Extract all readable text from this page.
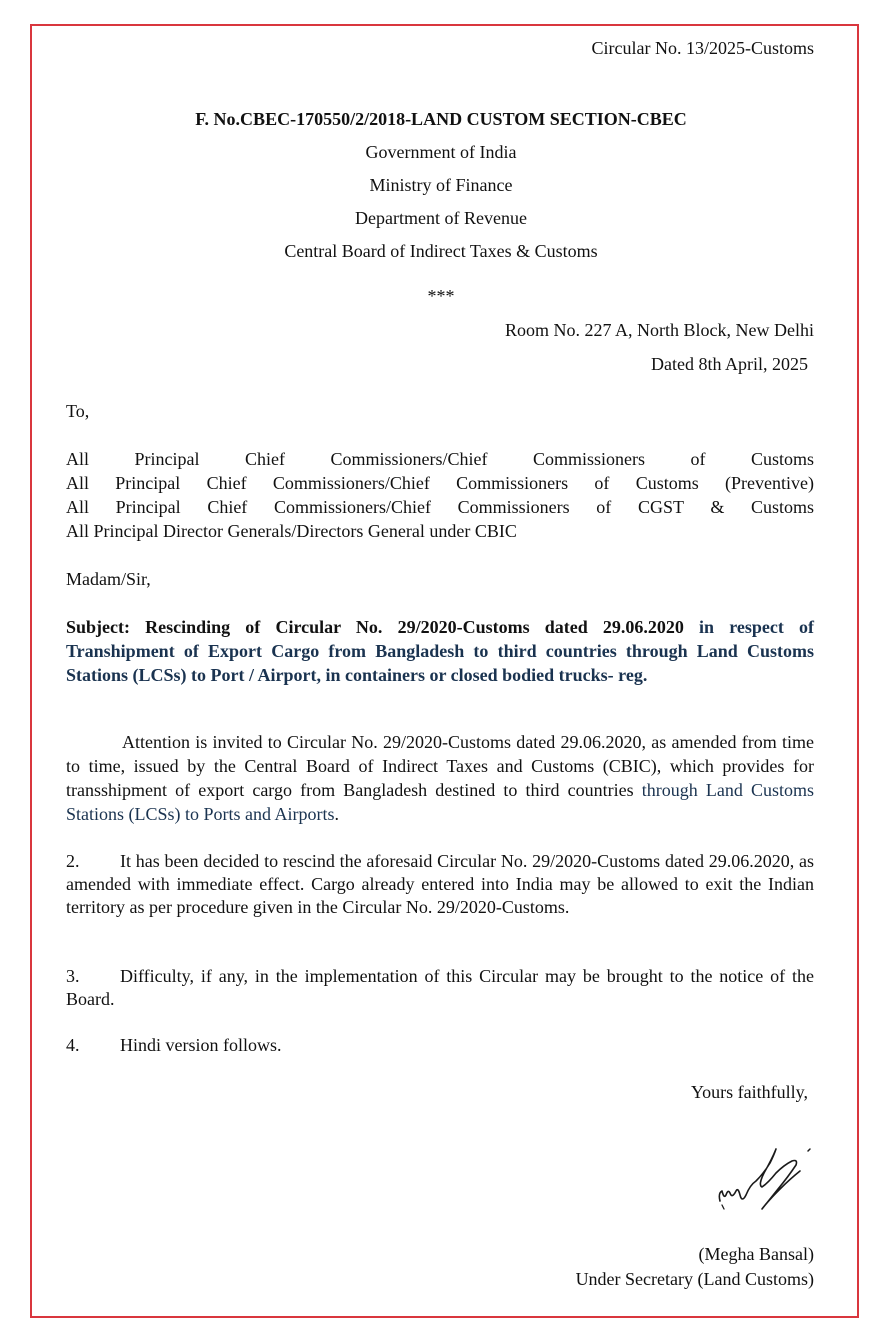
Circular No. 13/2025-Customs

F. No.CBEC-170550/2/2018-LAND CUSTOM SECTION-CBEC

Government of India

Ministry of Finance

Department of Revenue

Central Board of Indirect Taxes & Customs

***

Room No. 227 A, North Block, New Delhi

Dated 8th April, 2025

To,

All Principal Chief Commissioners/Chief Commissioners of Customs
All Principal Chief Commissioners/Chief Commissioners of Customs (Preventive)
All Principal Chief Commissioners/Chief Commissioners of CGST & Customs
All Principal Director Generals/Directors General under CBIC

Madam/Sir,

Subject: Rescinding of Circular No. 29/2020-Customs dated 29.06.2020 in respect of Transhipment of Export Cargo from Bangladesh to third countries through Land Customs Stations (LCSs) to Port / Airport, in containers or closed bodied trucks- reg.
Attention is invited to Circular No. 29/2020-Customs dated 29.06.2020, as amended from time to time, issued by the Central Board of Indirect Taxes and Customs (CBIC), which provides for transshipment of export cargo from Bangladesh destined to third countries through Land Customs Stations (LCSs) to Ports and Airports.
2. It has been decided to rescind the aforesaid Circular No. 29/2020-Customs dated 29.06.2020, as amended with immediate effect. Cargo already entered into India may be allowed to exit the Indian territory as per procedure given in the Circular No. 29/2020-Customs.
3. Difficulty, if any, in the implementation of this Circular may be brought to the notice of the Board.
4. Hindi version follows.

Yours faithfully,

(Megha Bansal)

Under Secretary (Land Customs)
